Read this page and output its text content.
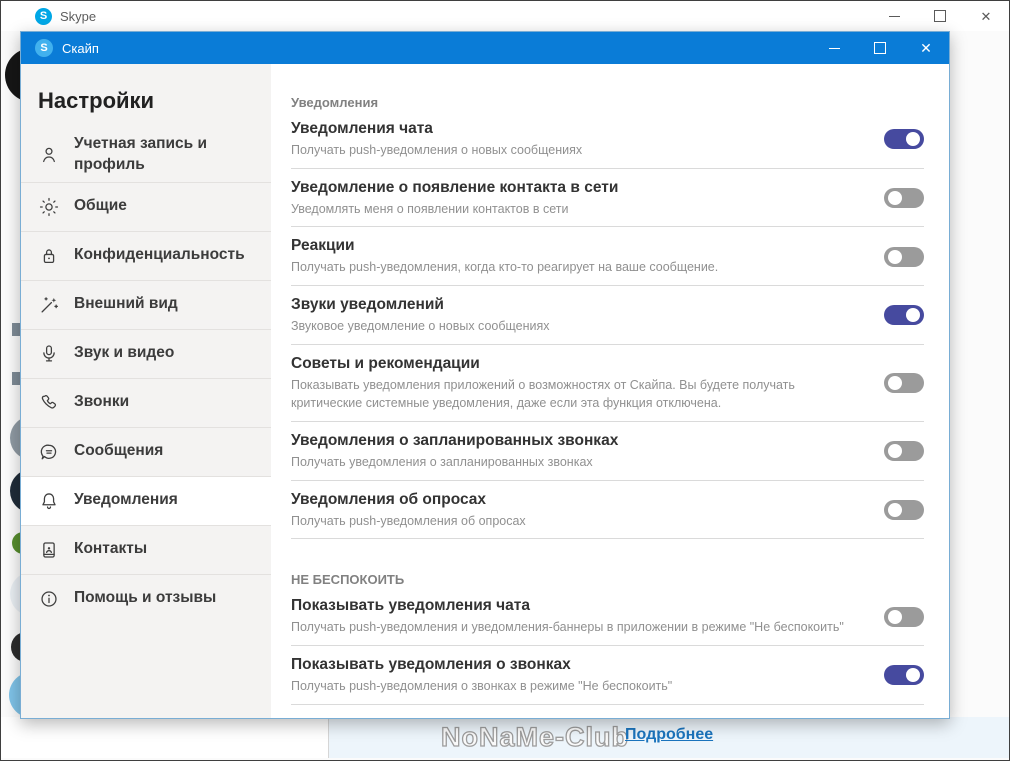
S Skype	✕
NoNaMe-Club
Подробнее
S	Скайп	✕
Настройки
Учетная запись и профиль
Общие
Конфиденциальность
Внешний вид
Звук и видео
Звонки
Сообщения
Уведомления
Контакты
Помощь и отзывы
Уведомления
Уведомления чата
Получать push-уведомления о новых сообщениях
Уведомление о появление контакта в сети
Уведомлять меня о появлении контактов в сети
Реакции
Получать push-уведомления, когда кто-то реагирует на ваше сообщение.
Звуки уведомлений
Звуковое уведомление о новых сообщениях
Советы и рекомендации
Показывать уведомления приложений о возможностях от Скайпа. Вы будете получать критические системные уведомления, даже если эта функция отключена.
Уведомления о запланированных звонках
Получать уведомления о запланированных звонках
Уведомления об опросах
Получать push-уведомления об опросах
НЕ БЕСПОКОИТЬ
Показывать уведомления чата
Получать push-уведомления и уведомления-баннеры в приложении в режиме "Не беспокоить"
Показывать уведомления о звонках
Получать push-уведомления о звонках в режиме "Не беспокоить"
